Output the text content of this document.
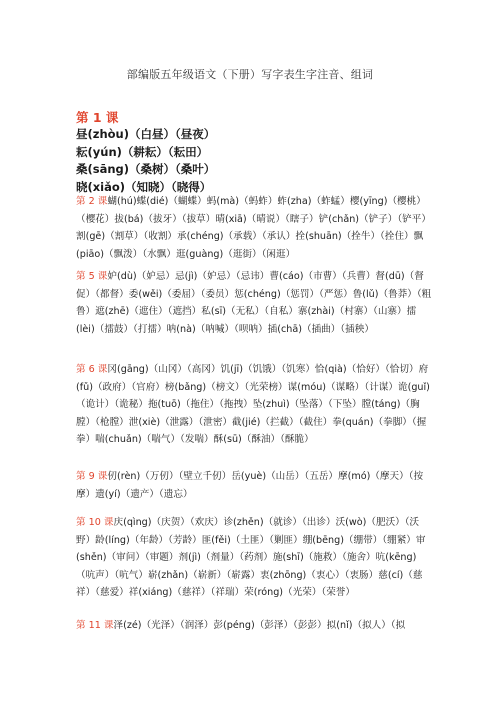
部编版五年级语文（下册）写字表生字注音、组词
第 1 课
昼(zhòu)（白昼）（昼夜）
耘(yún)（耕耘）（耘田）
桑(sāng)（桑树）（桑叶）
晓(xiǎo)（知晓）（晓得）
第 2 课蝴(hú)蝶(dié)（蝴蝶）蚂(mà)（蚂蚱）蚱(zha)（蚱蜢）樱(yīng)（樱桃）（樱花）拔(bá)（拔牙）（拔草）晴(xiā)（晴说）（瞎子）铲(chǎn)（铲子）（铲平）割(gē)（割草）（收割）承(chéng)（承载）（承认）拴(shuān)（拴牛）（拴住）飘(piāo)（飘泼）（水飘）逛(guàng)（逛街）（闲逛）
第 5 课妒(dù)（妒忌）忌(jì)（妒忌）（忌讳）曹(cáo)（市曹）（兵曹）督(dū)（督促）（都督）委(wěi)（委屈）（委员）惩(chéng)（惩罚）（严惩）鲁(lǔ)（鲁莽）（粗鲁）遮(zhē)（遮住）（遮挡）私(sī)（无私）（自私）寨(zhài)（村寨）（山寨）擂(lèi)（擂鼓）（打擂）呐(nà)（呐喊）（呗呐）插(chā)（插曲）（插秧）
第 6 课冈(gāng)（山冈）（高冈）饥(jī)（饥饿）（饥寒）恰(qià)（恰好）（恰切）府(fǔ)（政府）（官府）榜(bǎng)（榜文）（光荣榜）谋(móu)（谋略）（计谋）诡(guǐ)（诡计）（诡秘）拖(tuō)（拖住）（拖拽）坠(zhuì)（坠落）（下坠）膛(táng)（胸膛）（枪膛）泄(xiè)（泄露）（泄密）截(jié)（拦截）（截住）拳(quán)（拳脚）（握拳）喘(chuǎn)（喘气）（发喘）酥(sū)（酥油）（酥脆）
第 9 课仞(rèn)（万仞）（壁立千仞）岳(yuè)（山岳）（五岳）摩(mó)（摩天）（按摩）遗(yí)（遗产）（遗忘）
第 10 课庆(qìng)（庆贺）（欢庆）诊(zhěn)（就诊）（出诊）沃(wò)（肥沃）（沃野）龄(líng)（年龄）（芳龄）匪(fěi)（土匪）（剿匪）绷(bēng)（绷带）（绷紧）审(shěn)（审问）（审题）剂(jì)（剂量）（药剂）施(shī)（施救）（施舍）吭(kēng)（吭声）（吭气）崭(zhǎn)（崭新）（崭露）衷(zhōng)（衷心）（衷肠）慈(cí)（慈祥）（慈爱）祥(xiáng)（慈祥）（祥瑞）荣(róng)（光荣）（荣誉）
第 11 课泽(zé)（光泽）（润泽）彭(péng)（彭泽）（彭彭）拟(nǐ)（拟人）（拟
